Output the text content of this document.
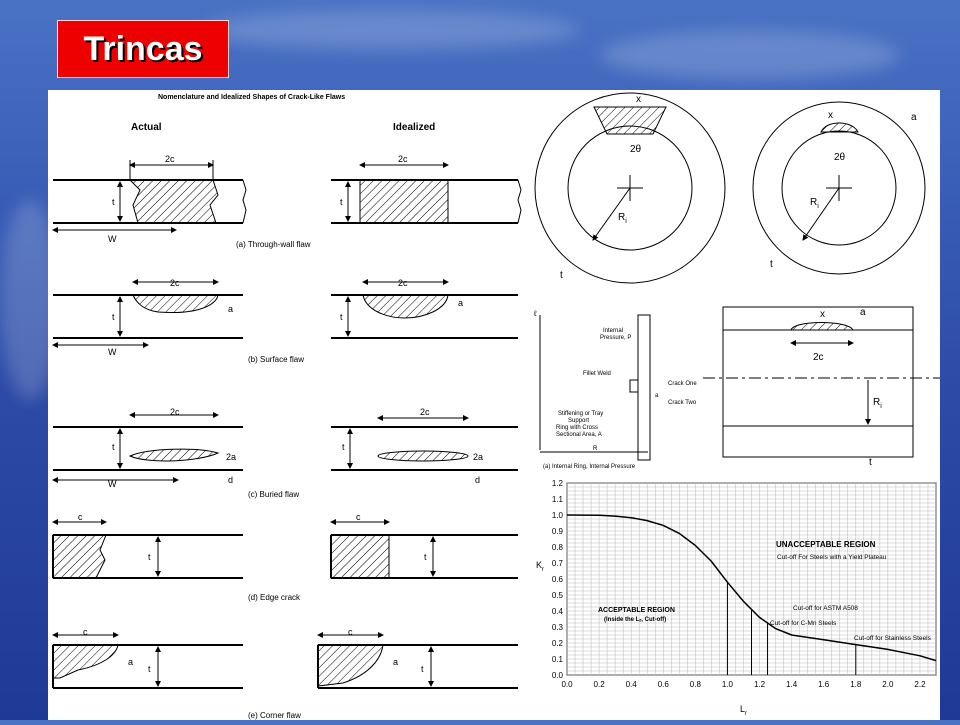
Trincas
Nomenclature and Idealized Shapes of Crack-Like Flaws
Actual	Idealized
2c
t
W
2c
t
(a) Through-wall flaw
2c
t
a
W
2c
t
a
(b) Surface flaw
2c
t
2a
d
W
2c
t
2a
d
(c) Buried flaw
c
t
c
t
(d) Edge crack
c
a
t
c
a
t
(e) Corner flaw
2θ
x
$R_i$
t
2θ
x	a
$R_i$
t
Internal
Pressure, P
Fillet Weld
Crack One
Crack Two
Stiffening or Tray
Support
Ring with Cross
Sectional Area, A
a
R
ℓ
(a) Internal Ring, Internal Pressure
x	a
2c
$R_i$
t
0.0	0.2	0.4	0.6	0.8	1.0	1.2	1.4	1.6	1.8	2.0	2.2
0.0
0.1
0.2
0.3
0.4
0.5
0.6
0.7
0.8
0.9
1.0
1.1
1.2
Cut-off For Steels with a Yield Plateau
Cut-off for ASTM A508
Cut-off for C-Mn Steels
Cut-off for Stainless Steels
UNACCEPTABLE REGION
ACCEPTABLE REGION
(Inside the Lr, Cut-off)
$L_r$
$K_r$
